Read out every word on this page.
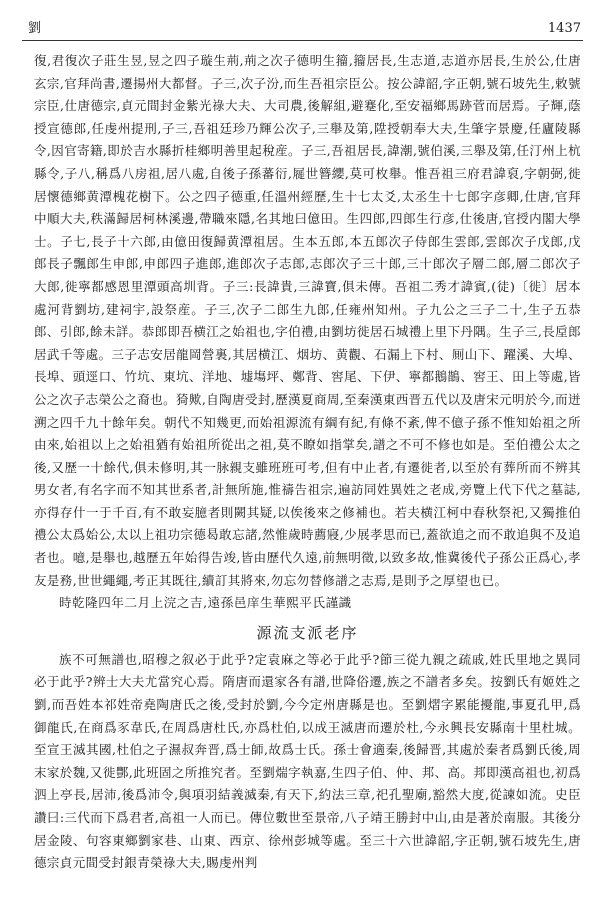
劉	1437

復,君復次子莊生昱,昱之四子璇生荊,荊之次子德明生籀,籀居長,生志道,志道亦居長,生於公,仕唐玄宗,官拜尚書,遷揚州大都督。子三,次子汾,而生吾祖宗臣公。按公諱韶,字正朝,號石坡先生,敕號宗臣,仕唐德宗,貞元間封金紫光祿大夫、大司農,後解組,避蹇化,至安福鄉馬跡菅而居焉。子輝,蔭授宣德郎,任虔州提刑,子三,吾祖廷珍乃輝公次子,三舉及第,陞授朝奉大夫,生肇字景慶,任廬陵縣令,因官寄籍,即於吉水縣折桂鄉明善里起稅産。子三,吾祖居長,諱潮,號伯溪,三舉及第,任汀州上杭縣令,子八,稱爲八房祖,居八處,自後子孫蕃衍,屣世簪纓,莫可枚舉。惟吾祖三府君諱裒,字朝弼,徙居懷德鄉黄潭槐花樹下。公之四子德重,任溫州經歷,生十七太爻,太丞生十七郎字彦卿,仕唐,官拜中順大夫,秩滿歸居柯林溪邊,帶職來隱,名其地曰億田。生四郎,四郎生行彦,仕後唐,官授内閣大學士。子七,長子十六郎,由億田復歸黄潭祖居。生本五郎,本五郎次子侍郎生雲郎,雲郎次子戊郎,戊郎長子飄郎生申郎,申郎四子進郎,進郎次子志郎,志郎次子三十郎,三十郎次子層二郎,層二郎次子大郎,徙寧都感恩里潭頭高圳背。子三:長諱貴,三諱寶,俱未傳。吾祖二秀才諱賓,(徒)〔徙〕居本處河背劉坊,建祠宇,設祭産。子三,次子二郎生九郎,任雍州知州。子九公之三子二十,生子五恭郎、引郎,餘未詳。恭郎即吾横江之始祖也,字伯禮,由劉坊徙居石城禮上里下丹隅。生子三,長垕郎居武千等處。三子志安居龍岡營裏,其居横江、烟坊、黄觀、石漏上下村、厠山下、躍溪、大埠、長埠、頭逕口、竹坑、東坑、洋地、墟塲坪、鄭背、窖尾、下伊、寧都鵝鵲、窖王、田上等處,皆公之次子志榮公之裔也。猗歟,自陶唐受封,歷漢夏商周,至秦漢東西晋五代以及唐宋元明於今,而迸溯之四千九十餘年矣。朝代不知幾更,而始祖源流有綱有紀,有條不紊,俾不億子孫不惟知始祖之所由來,始祖以上之始祖猶有始祖所從出之祖,莫不瞭如指掌矣,譜之不可不修也如是。至伯禮公太之後,又歷一十餘代,俱未修明,其一脉親支雖班班可考,但有中止者,有遷徙者,以至於有葬所而不辨其男女者,有名字而不知其世系者,計無所施,惟禱告祖宗,遍訪同姓異姓之老成,旁覽上代下代之墓誌,亦得存什一于千百,有不敢妄臆者則闕其疑,以俟後來之修補也。若夫横江柯中春秋祭祀,又獨推伯禮公太爲始公,太以上祖功宗德曷敢忘諸,然惟歲時薦寢,少展孝思而已,蓋欲追之而不敢追與不及追者也。噫,是舉也,越歷五年始得告竣,皆由歷代久遠,前無明徵,以致多故,惟冀後代子孫公正爲心,孝友是務,世世繩繩,考正其既往,續訂其將來,勿忘勿替修譜之志焉,是則予之厚望也已。

時乾隆四年二月上浣之吉,遠孫邑庠生華熙平氏謹識

源流支派老序

族不可無譜也,昭穆之叙必于此乎?定袁麻之等必于此乎?節三從九親之疏戚,姓氏里地之異同必于此乎?辨士大夫尤當究心焉。隋唐而還家各有譜,世降俗遷,族之不譜者多矣。按劉氏有姬姓之劉,而吾姓本祁姓帝堯陶唐氏之後,受封於劉,今今定州唐縣是也。至劉熠字累能擾龍,事夏孔甲,爲御龍氏,在商爲豕韋氏,在周爲唐杜氏,亦爲杜伯,以成王滅唐而遷於杜,今永興長安縣南十里杜城。至宣王滅其國,杜伯之子濕叔奔晋,爲士師,故爲士氏。孫士會適秦,後歸晋,其處於秦者爲劉氏後,周末家於魏,又徙酆,此班固之所推究者。至劉煓字執嘉,生四子伯、仲、邦、高。邦即漢高祖也,初爲泗上亭長,居沛,後爲沛令,與項羽結義滅秦,有天下,約法三章,祀孔聖廟,豁然大度,從諫如流。史臣讚曰:三代而下爲君者,高祖一人而已。傳位數世至景帝,八子靖王勝封中山,由是著於南服。其後分居金陵、句容東鄉劉家巷、山東、西京、徐州彭城等處。至三十六世諱韶,字正朝,號石坡先生,唐德宗貞元間受封銀青榮祿大夫,賜虔州判
